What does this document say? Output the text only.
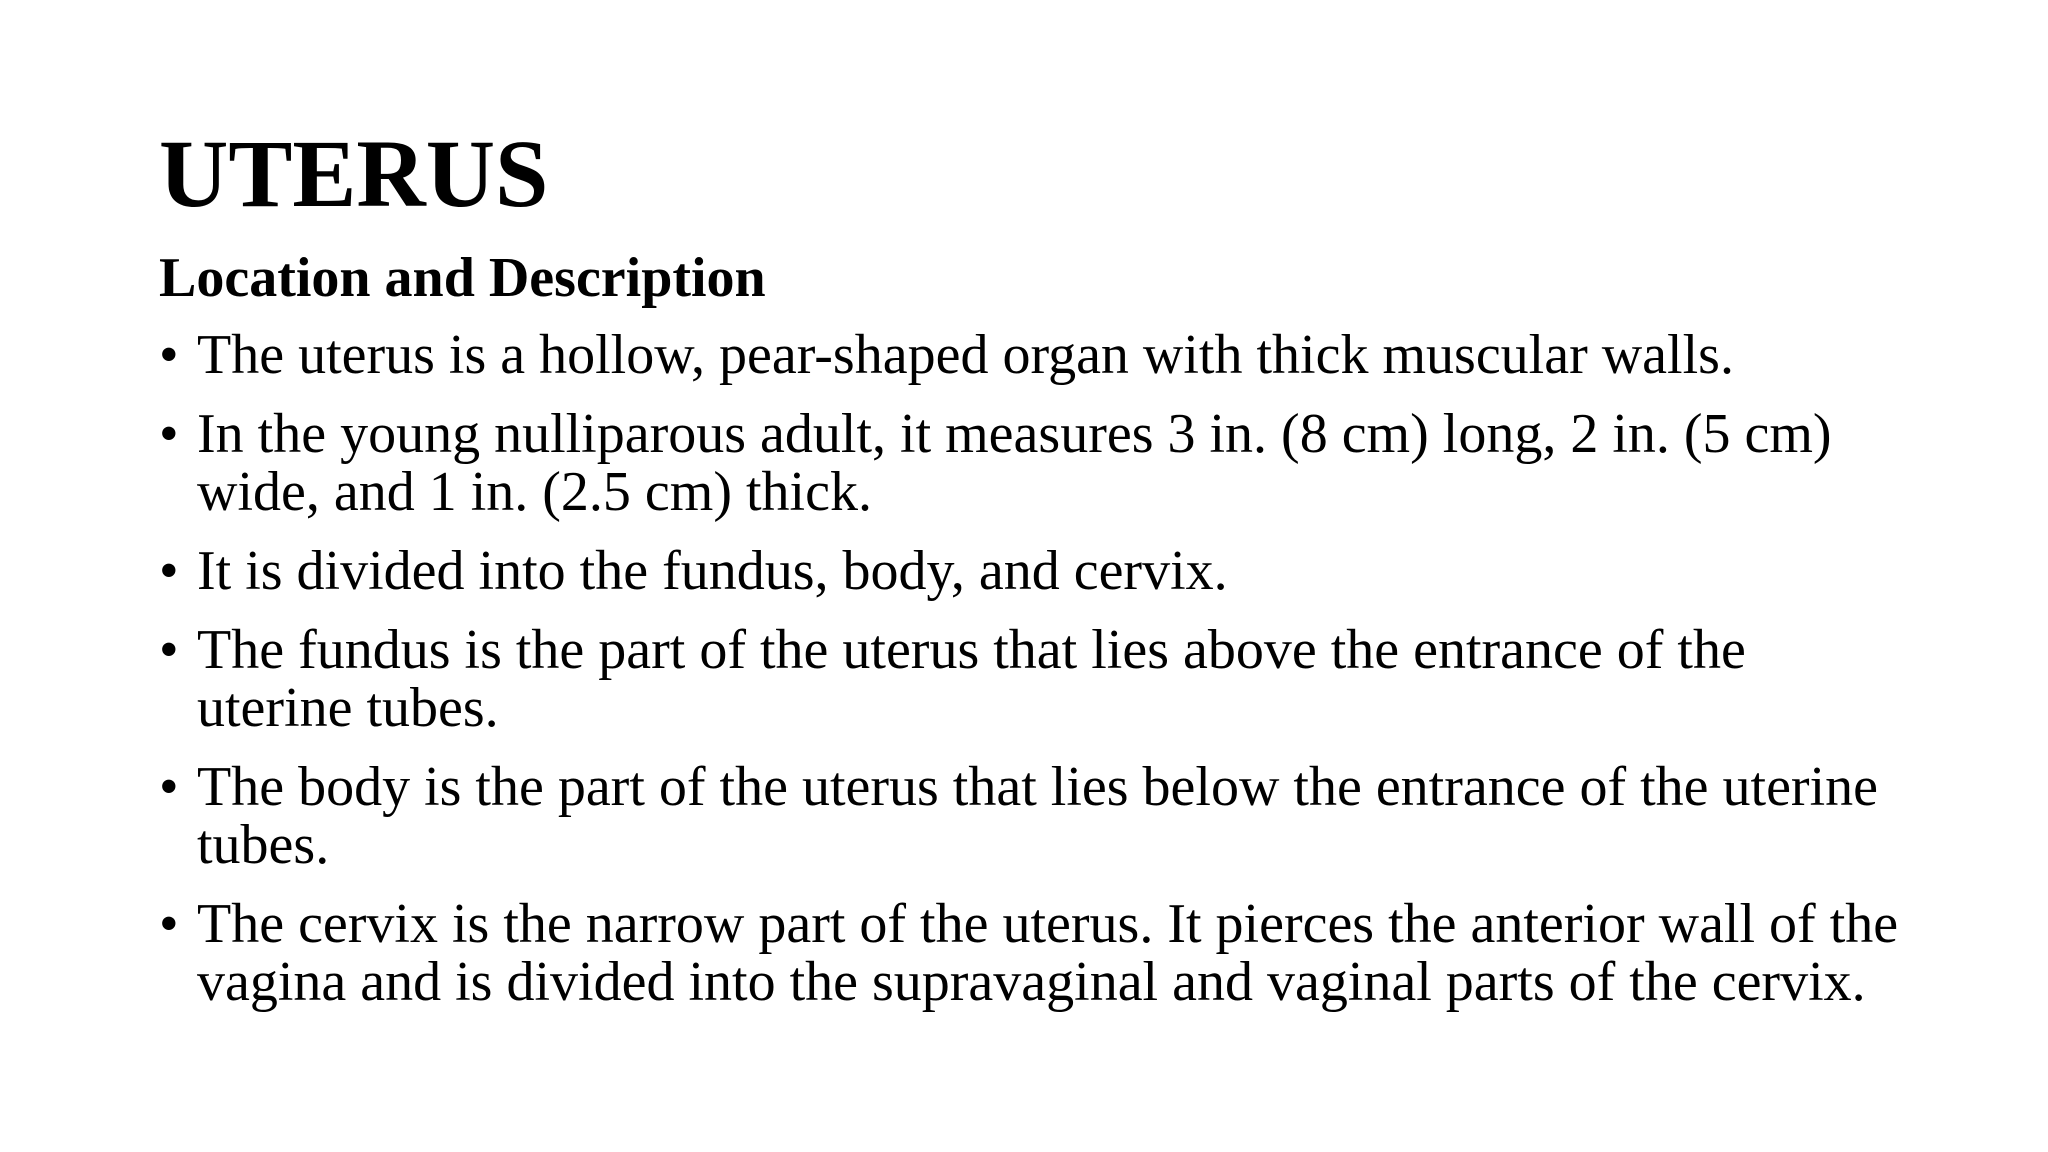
UTERUS
Location and Description
• The uterus is a hollow, pear-shaped organ with thick muscular walls.
• In the young nulliparous adult, it measures 3 in. (8 cm) long, 2 in. (5 cm) wide, and 1 in. (2.5 cm) thick.
• It is divided into the fundus, body, and cervix.
• The fundus is the part of the uterus that lies above the entrance of the uterine tubes.
• The body is the part of the uterus that lies below the entrance of the uterine tubes.
• The cervix is the narrow part of the uterus. It pierces the anterior wall of the vagina and is divided into the supravaginal and vaginal parts of the cervix.
